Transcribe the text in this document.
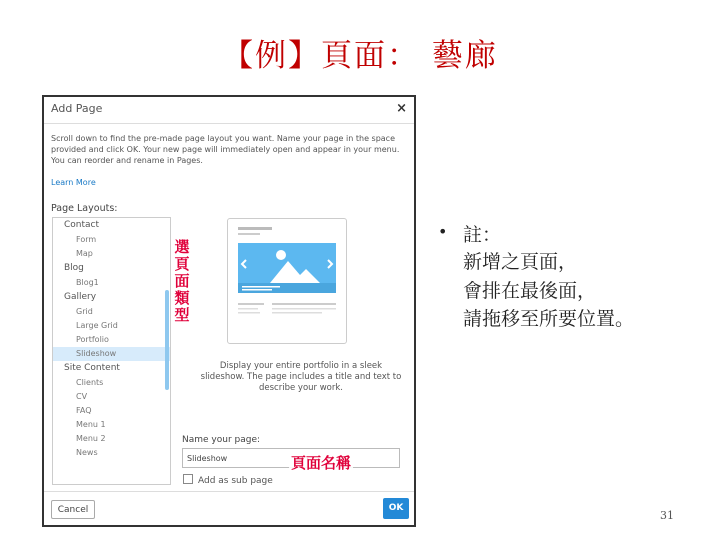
【例】頁面： 藝廊
Add Page	×
Scroll down to find the pre-made page layout you want. Name your page in the space provided and click OK. Your new page will immediately open and appear in your menu. You can reorder and rename in Pages.
Learn More
Page Layouts:
Contact
Form
Map
Blog
Blog1
Gallery
Grid
Large Grid
Portfolio
Slideshow
Site Content
Clients
CV
FAQ
Menu 1
Menu 2
News
選
頁
面
類
型
Display your entire portfolio in a sleek slideshow. The page includes a title and text to describe your work.
Name your page:
Slideshow
頁面名稱
Add as sub page
Cancel	OK
• 註：
新增之頁面，
會排在最後面，
請拖移至所要位置。
31
